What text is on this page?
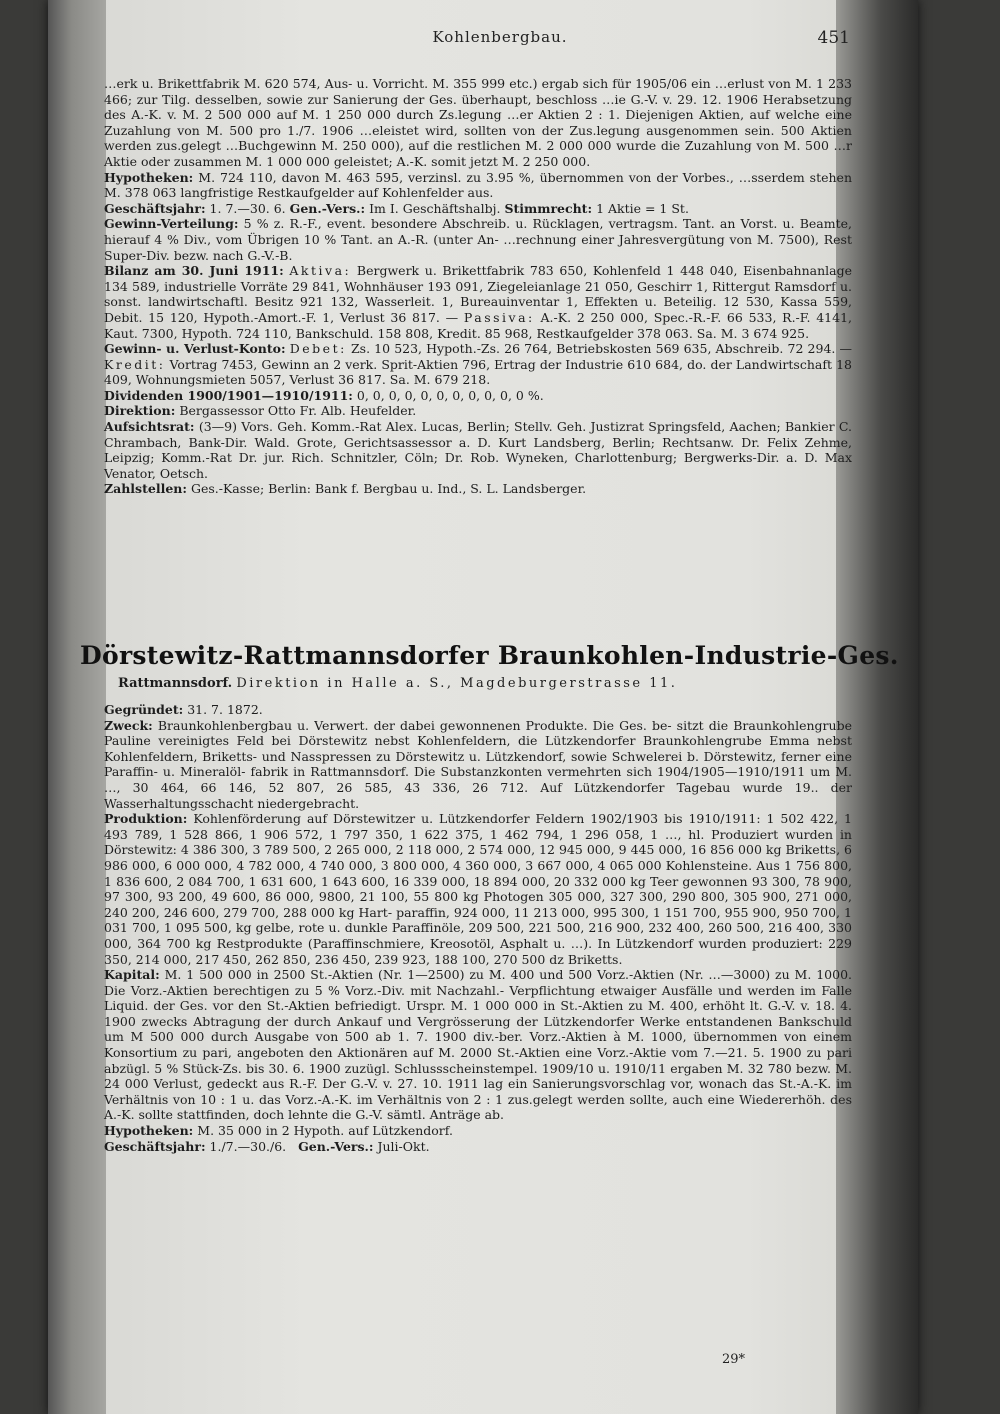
Kohlenbergbau.	451

…erk u. Brikettfabrik M. 620 574, Aus- u. Vorricht. M. 355 999 etc.) ergab sich für 1905/06 ein …erlust von M. 1 233 466; zur Tilg. desselben, sowie zur Sanierung der Ges. überhaupt, beschloss …ie G.-V. v. 29. 12. 1906 Herabsetzung des A.-K. v. M. 2 500 000 auf M. 1 250 000 durch Zs.legung …er Aktien 2 : 1. Diejenigen Aktien, auf welche eine Zuzahlung von M. 500 pro 1./7. 1906 …eleistet wird, sollten von der Zus.legung ausgenommen sein. 500 Aktien werden zus.gelegt …Buchgewinn M. 250 000), auf die restlichen M. 2 000 000 wurde die Zuzahlung von M. 500 …r Aktie oder zusammen M. 1 000 000 geleistet; A.-K. somit jetzt M. 2 250 000.

Hypotheken: M. 724 110, davon M. 463 595, verzinsl. zu 3.95 %, übernommen von der Vorbes., …sserdem stehen M. 378 063 langfristige Restkaufgelder auf Kohlenfelder aus.

Geschäftsjahr: 1. 7.—30. 6. Gen.-Vers.: Im I. Geschäftshalbj. Stimmrecht: 1 Aktie = 1 St.

Gewinn-Verteilung: 5 % z. R.-F., event. besondere Abschreib. u. Rücklagen, vertragsm. Tant. an Vorst. u. Beamte, hierauf 4 % Div., vom Übrigen 10 % Tant. an A.-R. (unter An- …rechnung einer Jahresvergütung von M. 7500), Rest Super-Div. bezw. nach G.-V.-B.

Bilanz am 30. Juni 1911: Aktiva: Bergwerk u. Brikettfabrik 783 650, Kohlenfeld 1 448 040, Eisenbahnanlage 134 589, industrielle Vorräte 29 841, Wohnhäuser 193 091, Ziegeleianlage 21 050, Geschirr 1, Rittergut Ramsdorf u. sonst. landwirtschaftl. Besitz 921 132, Wasserleit. 1, Bureauinventar 1, Effekten u. Beteilig. 12 530, Kassa 559, Debit. 15 120, Hypoth.-Amort.-F. 1, Verlust 36 817. — Passiva: A.-K. 2 250 000, Spec.-R.-F. 66 533, R.-F. 4141, Kaut. 7300, Hypoth. 724 110, Bankschuld. 158 808, Kredit. 85 968, Restkaufgelder 378 063. Sa. M. 3 674 925.

Gewinn- u. Verlust-Konto: Debet: Zs. 10 523, Hypoth.-Zs. 26 764, Betriebskosten 569 635, Abschreib. 72 294. — Kredit: Vortrag 7453, Gewinn an 2 verk. Sprit-Aktien 796, Ertrag der Industrie 610 684, do. der Landwirtschaft 18 409, Wohnungsmieten 5057, Verlust 36 817. Sa. M. 679 218.

Dividenden 1900/1901—1910/1911: 0, 0, 0, 0, 0, 0, 0, 0, 0, 0, 0 %.

Direktion: Bergassessor Otto Fr. Alb. Heufelder.

Aufsichtsrat: (3—9) Vors. Geh. Komm.-Rat Alex. Lucas, Berlin; Stellv. Geh. Justizrat Springsfeld, Aachen; Bankier C. Chrambach, Bank-Dir. Wald. Grote, Gerichtsassessor a. D. Kurt Landsberg, Berlin; Rechtsanw. Dr. Felix Zehme, Leipzig; Komm.-Rat Dr. jur. Rich. Schnitzler, Cöln; Dr. Rob. Wyneken, Charlottenburg; Bergwerks-Dir. a. D. Max Venator, Oetsch.

Zahlstellen: Ges.-Kasse; Berlin: Bank f. Bergbau u. Ind., S. L. Landsberger.

Dörstewitz-Rattmannsdorfer Braunkohlen-Industrie-Ges.
Rattmannsdorf. Direktion in Halle a. S., Magdeburgerstrasse 11.

Gegründet: 31. 7. 1872.

Zweck: Braunkohlenbergbau u. Verwert. der dabei gewonnenen Produkte. Die Ges. be- sitzt die Braunkohlengrube Pauline vereinigtes Feld bei Dörstewitz nebst Kohlenfeldern, die Lützkendorfer Braunkohlengrube Emma nebst Kohlenfeldern, Briketts- und Nasspressen zu Dörstewitz u. Lützkendorf, sowie Schwelerei b. Dörstewitz, ferner eine Paraffin- u. Mineralöl- fabrik in Rattmannsdorf. Die Substanzkonten vermehrten sich 1904/1905—1910/1911 um M. …, 30 464, 66 146, 52 807, 26 585, 43 336, 26 712. Auf Lützkendorfer Tagebau wurde 19.. der Wasserhaltungsschacht niedergebracht.

Produktion: Kohlenförderung auf Dörstewitzer u. Lützkendorfer Feldern 1902/1903 bis 1910/1911: 1 502 422, 1 493 789, 1 528 866, 1 906 572, 1 797 350, 1 622 375, 1 462 794, 1 296 058, 1 …, hl. Produziert wurden in Dörstewitz: 4 386 300, 3 789 500, 2 265 000, 2 118 000, 2 574 000, 12 945 000, 9 445 000, 16 856 000 kg Briketts, 6 986 000, 6 000 000, 4 782 000, 4 740 000, 3 800 000, 4 360 000, 3 667 000, 4 065 000 Kohlensteine. Aus 1 756 800, 1 836 600, 2 084 700, 1 631 600, 1 643 600, 16 339 000, 18 894 000, 20 332 000 kg Teer gewonnen 93 300, 78 900, 97 300, 93 200, 49 600, 86 000, 9800, 21 100, 55 800 kg Photogen 305 000, 327 300, 290 800, 305 900, 271 000, 240 200, 246 600, 279 700, 288 000 kg Hart- paraffin, 924 000, 11 213 000, 995 300, 1 151 700, 955 900, 950 700, 1 031 700, 1 095 500, kg gelbe, rote u. dunkle Paraffinöle, 209 500, 221 500, 216 900, 232 400, 260 500, 216 400, 330 000, 364 700 kg Restprodukte (Paraffinschmiere, Kreosotöl, Asphalt u. …). In Lützkendorf wurden produziert: 229 350, 214 000, 217 450, 262 850, 236 450, 239 923, 188 100, 270 500 dz Briketts.

Kapital: M. 1 500 000 in 2500 St.-Aktien (Nr. 1—2500) zu M. 400 und 500 Vorz.-Aktien (Nr. …—3000) zu M. 1000. Die Vorz.-Aktien berechtigen zu 5 % Vorz.-Div. mit Nachzahl.- Verpflichtung etwaiger Ausfälle und werden im Falle Liquid. der Ges. vor den St.-Aktien befriedigt. Urspr. M. 1 000 000 in St.-Aktien zu M. 400, erhöht lt. G.-V. v. 18. 4. 1900 zwecks Abtragung der durch Ankauf und Vergrösserung der Lützkendorfer Werke entstandenen Bankschuld um M 500 000 durch Ausgabe von 500 ab 1. 7. 1900 div.-ber. Vorz.-Aktien à M. 1000, übernommen von einem Konsortium zu pari, angeboten den Aktionären auf M. 2000 St.-Aktien eine Vorz.-Aktie vom 7.—21. 5. 1900 zu pari abzügl. 5 % Stück-Zs. bis 30. 6. 1900 zuzügl. Schlussscheinstempel. 1909/10 u. 1910/11 ergaben M. 32 780 bezw. M. 24 000 Verlust, gedeckt aus R.-F. Der G.-V. v. 27. 10. 1911 lag ein Sanierungsvorschlag vor, wonach das St.-A.-K. im Verhältnis von 10 : 1 u. das Vorz.-A.-K. im Verhältnis von 2 : 1 zus.gelegt werden sollte, auch eine Wiedererhöh. des A.-K. sollte stattfinden, doch lehnte die G.-V. sämtl. Anträge ab.

Hypotheken: M. 35 000 in 2 Hypoth. auf Lützkendorf.

Geschäftsjahr: 1./7.—30./6. Gen.-Vers.: Juli-Okt.

29*
